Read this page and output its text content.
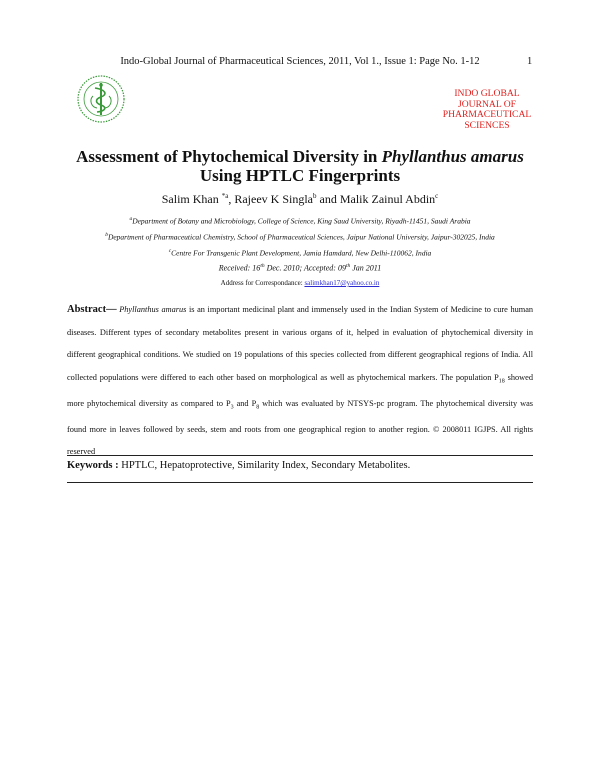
Indo-Global Journal of Pharmaceutical Sciences, 2011, Vol 1., Issue 1: Page No. 1-12	1
INDO GLOBAL
JOURNAL OF
PHARMACEUTICAL
SCIENCES
Assessment of Phytochemical Diversity in Phyllanthus amarus
Using HPTLC Fingerprints
Salim Khan $^{*a}$, Rajeev K Singla$^b$ and Malik Zainul Abdin$^c$
$^a$Department of Botany and Microbiology, College of Science, King Saud University, Riyadh-11451, Saudi Arabia
$^b$Department of Pharmaceutical Chemistry, School of Pharmaceutical Sciences, Jaipur National University, Jaipur-302025, India
$^c$Centre For Transgenic Plant Development, Jamia Hamdard, New Delhi-110062, India
Received: 16th Dec. 2010; Accepted: 09th Jan 2011
Address for Correspondance: salimkhan17@yahoo.co.in

Abstract— Phyllanthus amarus is an important medicinal plant and immensely used in the Indian System of Medicine to cure human diseases. Different types of secondary metabolites present in various organs of it, helped in evaluation of phytochemical diversity in different geographical conditions. We studied on 19 populations of this species collected from different geographical regions of India. All collected populations were differed to each other based on morphological as well as phytochemical markers. The population $P_{18}$ showed more phytochemical diversity as compared to $P_3$ and $P_8$ which was evaluated by NTSYS-pc program. The phytochemical diversity was found more in leaves followed by seeds, stem and roots from one geographical region to another region. © 2008011 IGJPS. All rights reserved

Keywords : HPTLC, Hepatoprotective, Similarity Index, Secondary Metabolites.
